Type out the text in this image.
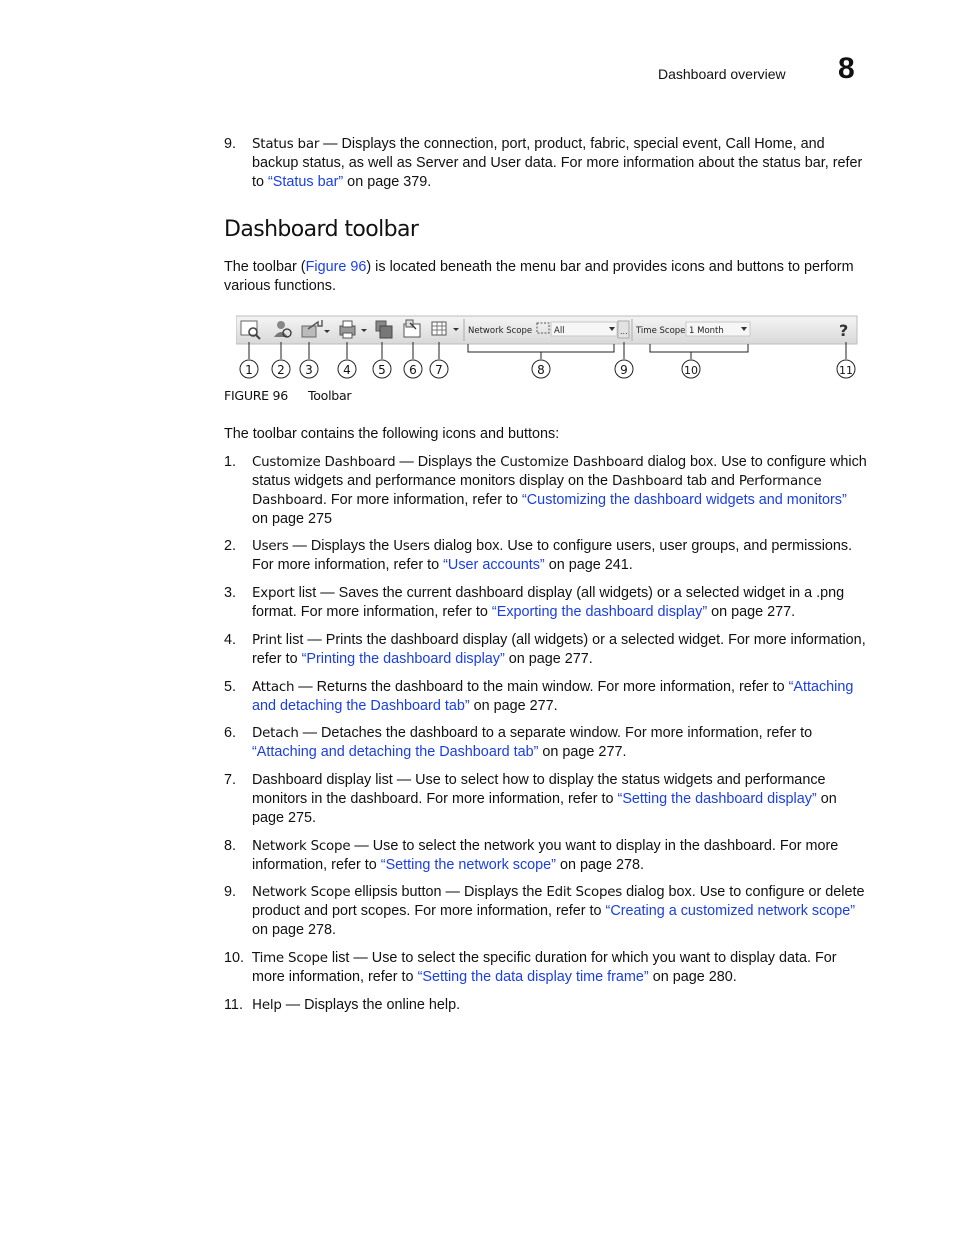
Dashboard overview 8
9. Status bar — Displays the connection, port, product, fabric, special event, Call Home, and backup status, as well as Server and User data. For more information about the status bar, refer to “Status bar” on page 379.
Dashboard toolbar
The toolbar (Figure 96) is located beneath the menu bar and provides icons and buttons to perform various functions.
Network Scope	All	... Time Scope 1 Month	?
1 2 3	4 5 6 7	8	9	10	11
FIGURE 96 Toolbar
The toolbar contains the following icons and buttons:
1. Customize Dashboard — Displays the Customize Dashboard dialog box. Use to configure which status widgets and performance monitors display on the Dashboard tab and Performance Dashboard. For more information, refer to “Customizing the dashboard widgets and monitors”
on page 275
2. Users — Displays the Users dialog box. Use to configure users, user groups, and permissions. For more information, refer to “User accounts” on page 241.
3. Export list — Saves the current dashboard display (all widgets) or a selected widget in a .png format. For more information, refer to “Exporting the dashboard display” on page 277.
4. Print list — Prints the dashboard display (all widgets) or a selected widget. For more information, refer to “Printing the dashboard display” on page 277.
5. Attach — Returns the dashboard to the main window. For more information, refer to “Attaching and detaching the Dashboard tab” on page 277.
6. Detach — Detaches the dashboard to a separate window. For more information, refer to “Attaching and detaching the Dashboard tab” on page 277.
7. Dashboard display list — Use to select how to display the status widgets and performance monitors in the dashboard. For more information, refer to “Setting the dashboard display” on page 275.
8. Network Scope — Use to select the network you want to display in the dashboard. For more information, refer to “Setting the network scope” on page 278.
9. Network Scope ellipsis button — Displays the Edit Scopes dialog box. Use to configure or delete product and port scopes. For more information, refer to “Creating a customized network scope” on page 278.
10. Time Scope list — Use to select the specific duration for which you want to display data. For more information, refer to “Setting the data display time frame” on page 280.
11. Help — Displays the online help.
